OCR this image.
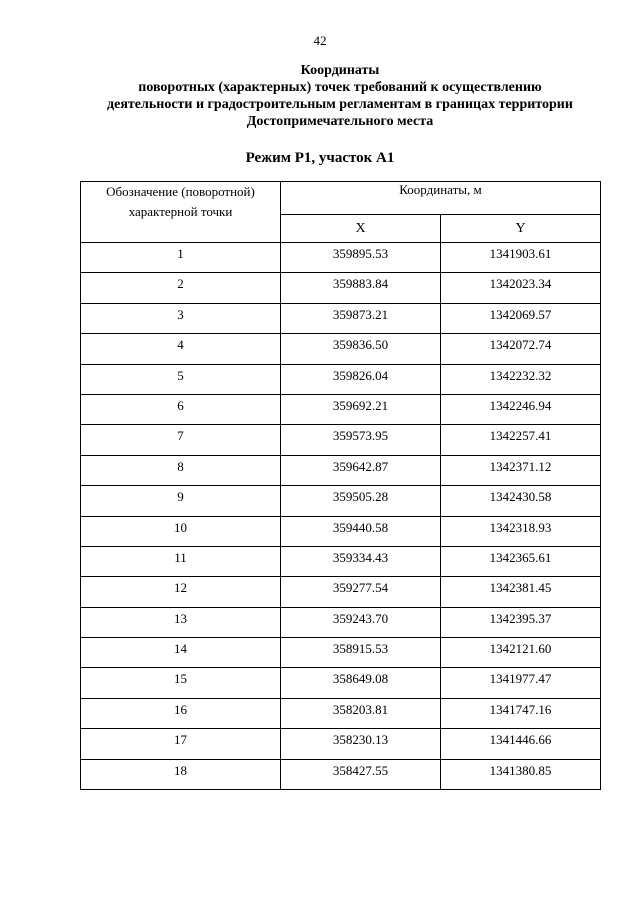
42
Координаты
поворотных (характерных) точек требований к осуществлению
деятельности и градостроительным регламентам в границах территории
Достопримечательного места
Режим Р1, участок А1
Обозначение (поворотной) характерной точки	Координаты, м	
	X	Y
1	359895.53	1341903.61
2	359883.84	1342023.34
3	359873.21	1342069.57
4	359836.50	1342072.74
5	359826.04	1342232.32
6	359692.21	1342246.94
7	359573.95	1342257.41
8	359642.87	1342371.12
9	359505.28	1342430.58
10	359440.58	1342318.93
11	359334.43	1342365.61
12	359277.54	1342381.45
13	359243.70	1342395.37
14	358915.53	1342121.60
15	358649.08	1341977.47
16	358203.81	1341747.16
17	358230.13	1341446.66
18	358427.55	1341380.85
